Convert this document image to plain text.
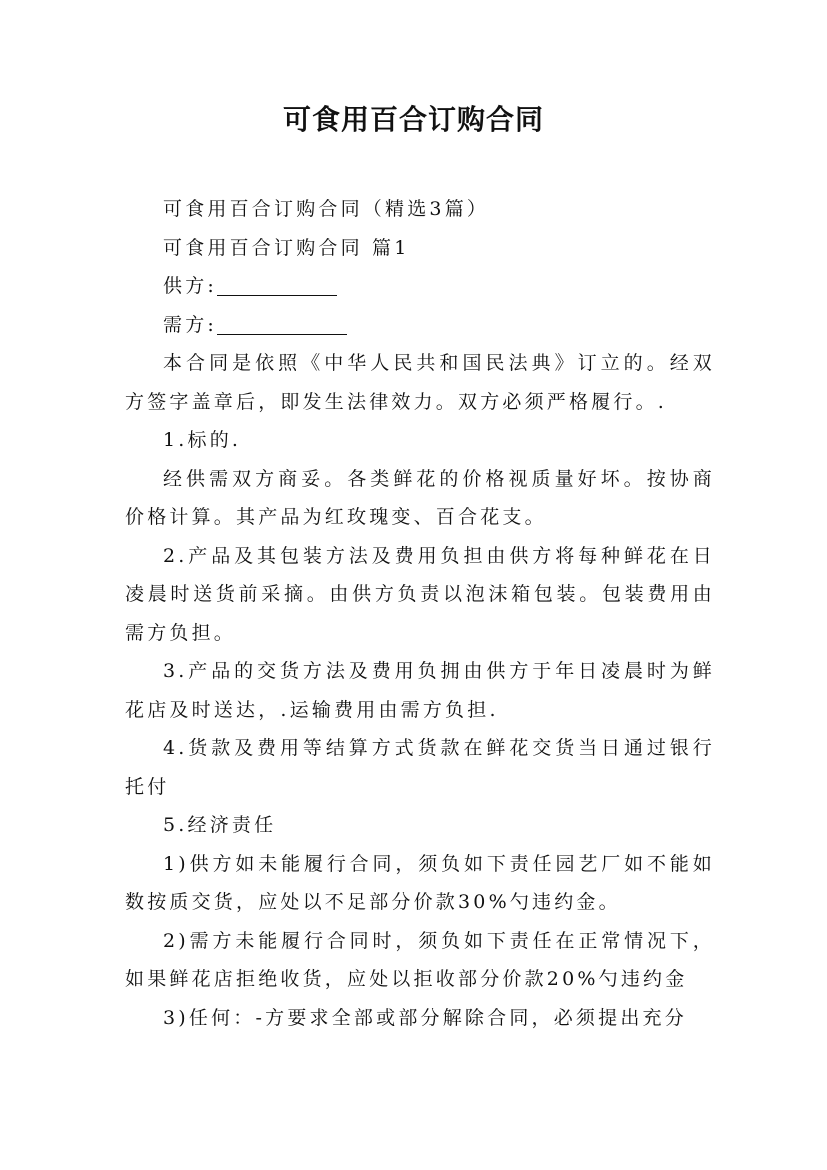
可食用百合订购合同

可食用百合订购合同（精选3篇）

可食用百合订购合同 篇1

供方:

需方:

本合同是依照《中华人民共和国民法典》订立的。经双方签字盖章后，即发生法律效力。双方必须严格履行。.

1.标的.

经供需双方商妥。各类鲜花的价格视质量好坏。按协商价格计算。其产品为红玫瑰变、百合花支。

2.产品及其包装方法及费用负担由供方将每种鲜花在日凌晨时送货前采摘。由供方负责以泡沫箱包装。包装费用由需方负担。

3.产品的交货方法及费用负拥由供方于年日凌晨时为鲜花店及时送达，.运输费用由需方负担.

4.货款及费用等结算方式货款在鲜花交货当日通过银行托付

5.经济责任

1)供方如未能履行合同，须负如下责任园艺厂如不能如数按质交货，应处以不足部分价款30%勺违约金。

2)需方未能履行合同时，须负如下责任在正常情况下，如果鲜花店拒绝收货，应处以拒收部分价款20%勺违约金

3)任何：-方要求全部或部分解除合同，必须提出充分
